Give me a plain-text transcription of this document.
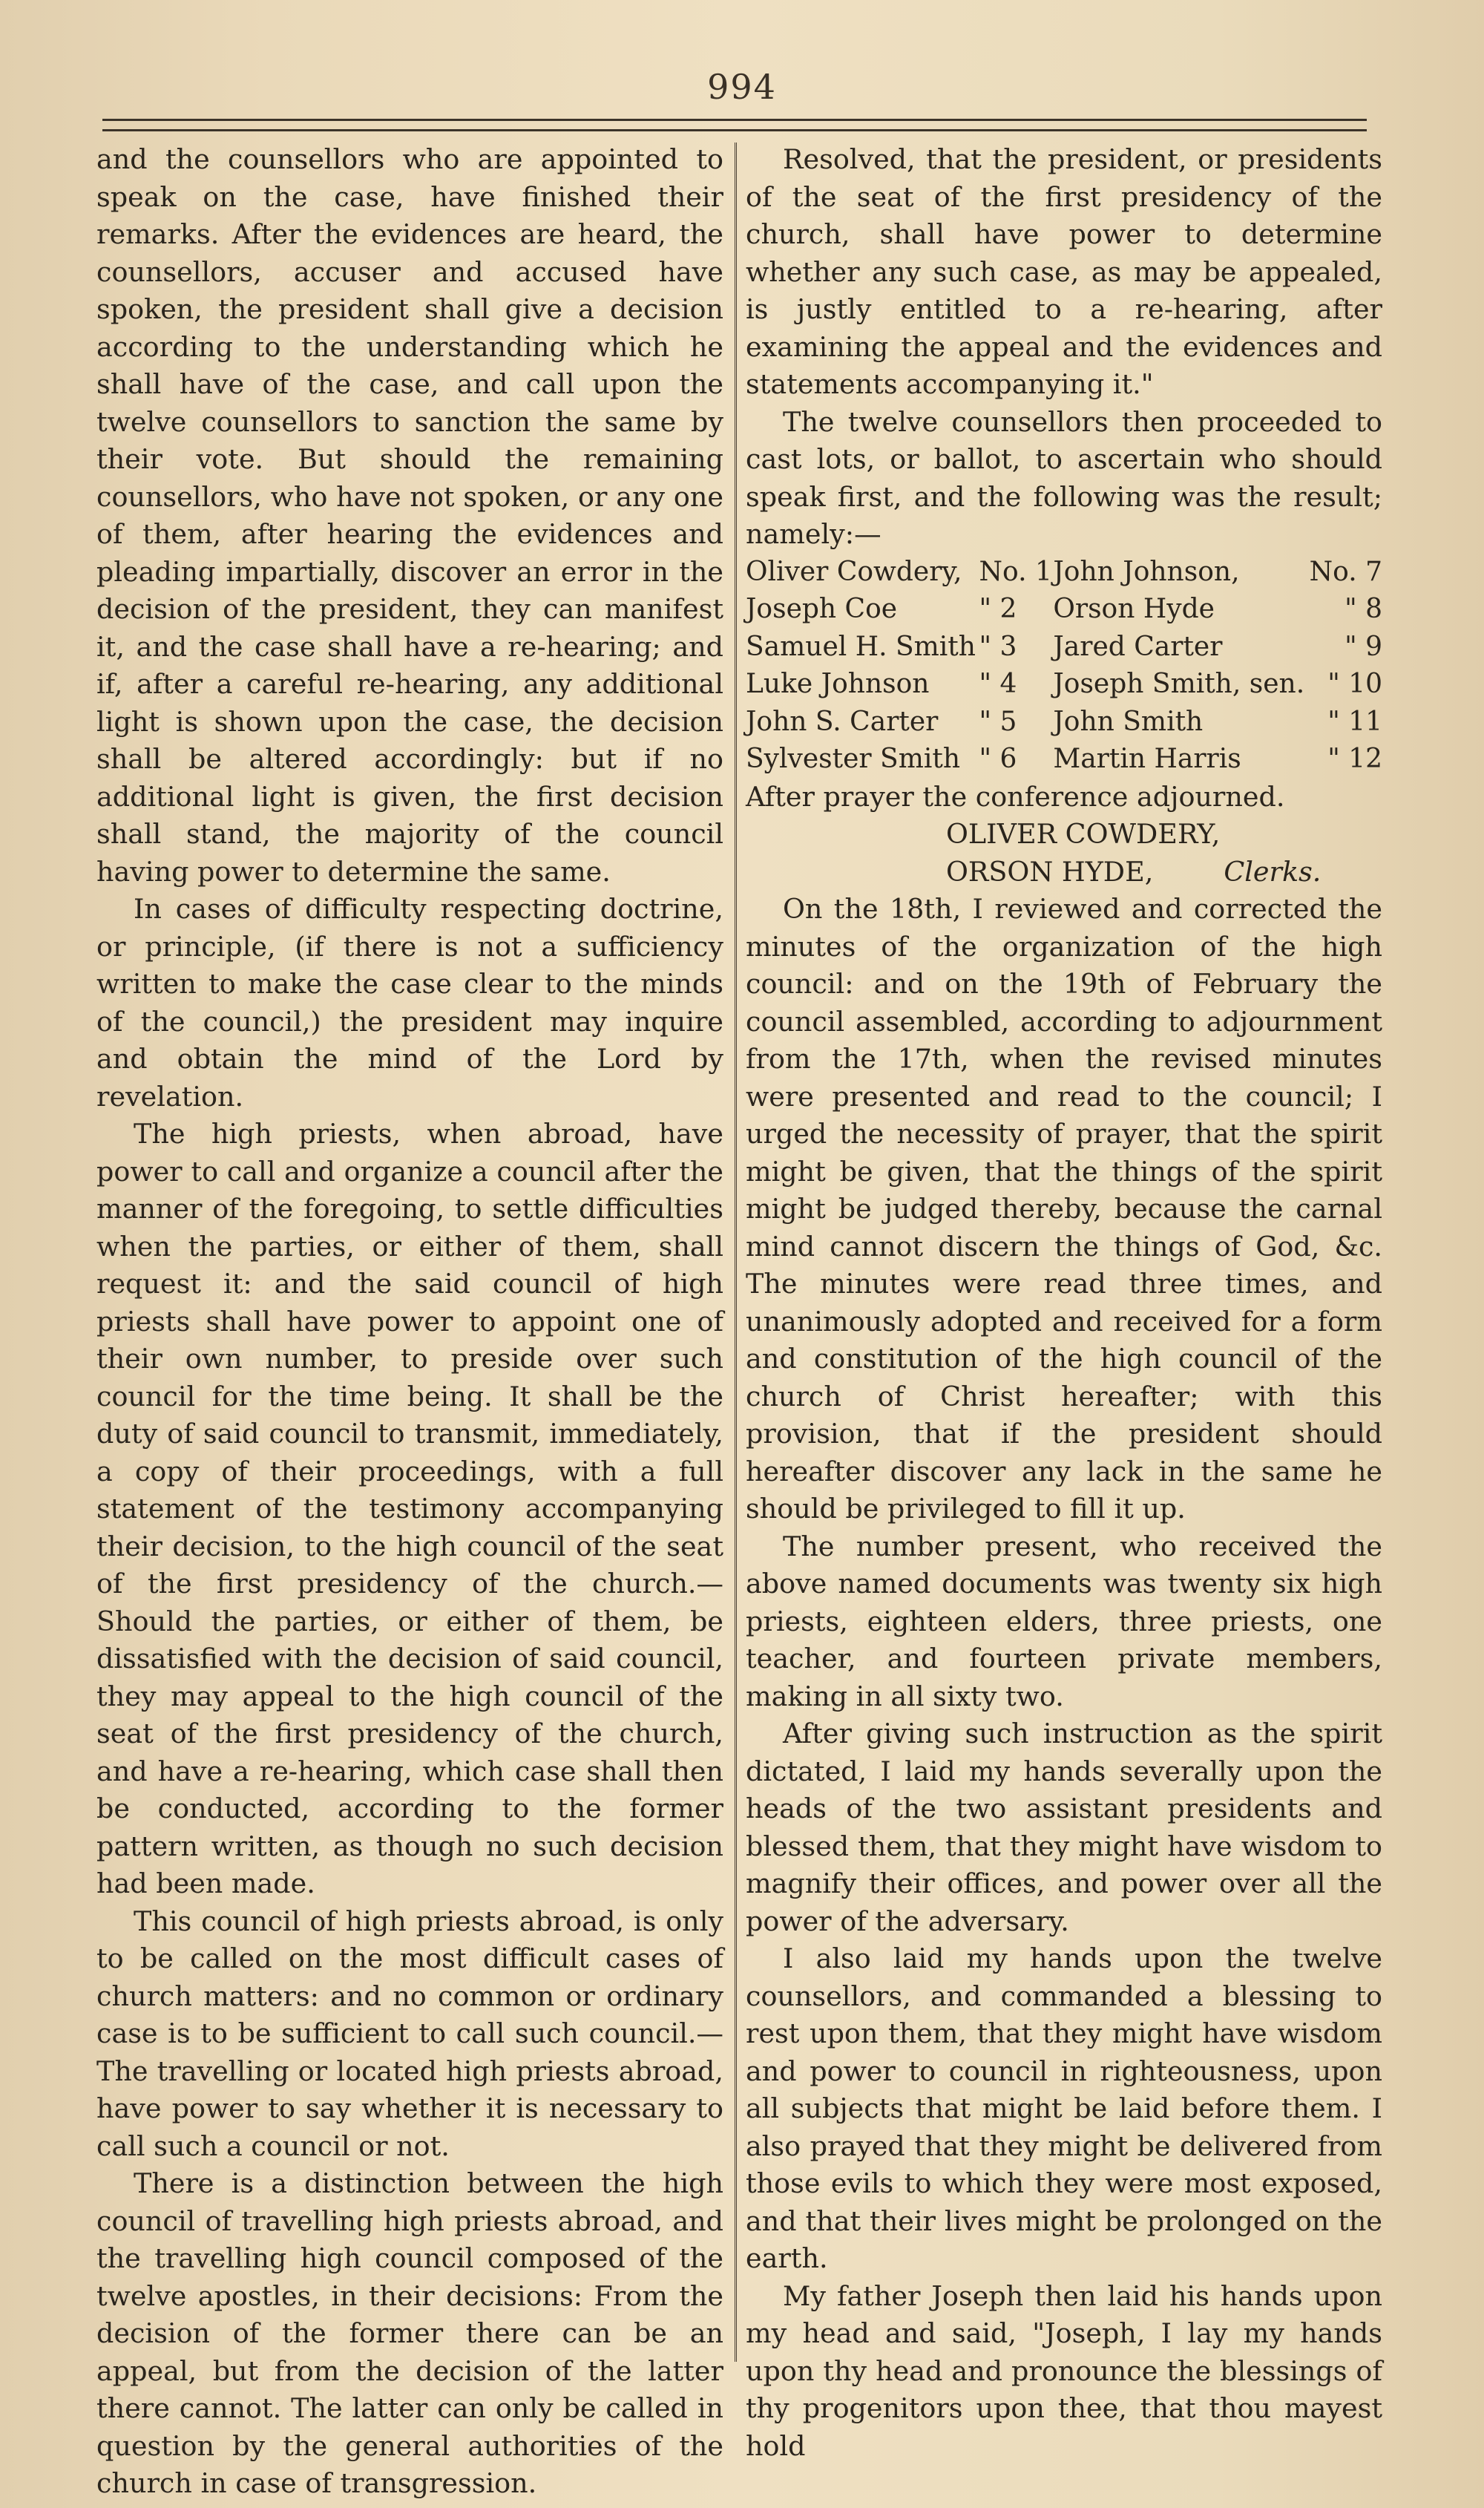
994

and the counsellors who are appointed to speak on the case, have finished their remarks. After the evidences are heard, the counsellors, accuser and accused have spoken, the president shall give a decision according to the understanding which he shall have of the case, and call upon the twelve counsellors to sanction the same by their vote. But should the remaining counsellors, who have not spoken, or any one of them, after hearing the evidences and pleading impartially, discover an error in the decision of the president, they can manifest it, and the case shall have a re-hearing; and if, after a careful re-hearing, any additional light is shown upon the case, the decision shall be altered accordingly: but if no additional light is given, the first decision shall stand, the majority of the council having power to determine the same.

In cases of difficulty respecting doctrine, or principle, (if there is not a sufficiency written to make the case clear to the minds of the council,) the president may inquire and obtain the mind of the Lord by revelation.

The high priests, when abroad, have power to call and organize a council after the manner of the foregoing, to settle difficulties when the parties, or either of them, shall request it: and the said council of high priests shall have power to appoint one of their own number, to preside over such council for the time being. It shall be the duty of said council to transmit, immediately, a copy of their proceedings, with a full statement of the testimony accompanying their decision, to the high council of the seat of the first presidency of the church.— Should the parties, or either of them, be dissatisfied with the decision of said council, they may appeal to the high council of the seat of the first presidency of the church, and have a re-hearing, which case shall then be conducted, according to the former pattern written, as though no such decision had been made.

This council of high priests abroad, is only to be called on the most difficult cases of church matters: and no common or ordinary case is to be sufficient to call such council.— The travelling or located high priests abroad, have power to say whether it is necessary to call such a council or not.

There is a distinction between the high council of travelling high priests abroad, and the travelling high council composed of the twelve apostles, in their decisions: From the decision of the former there can be an appeal, but from the decision of the latter there cannot. The latter can only be called in question by the general authorities of the church in case of transgression.

Resolved, that the president, or presidents of the seat of the first presidency of the church, shall have power to determine whether any such case, as may be appealed, is justly entitled to a re-hearing, after examining the appeal and the evidences and statements accompanying it."

The twelve counsellors then proceeded to cast lots, or ballot, to ascertain who should speak first, and the following was the result; namely:—

Oliver Cowdery,	No. 1	John Johnson,	No. 7
Joseph Coe	" 2	Orson Hyde	" 8
Samuel H. Smith	" 3	Jared Carter	" 9
Luke Johnson	" 4	Joseph Smith, sen.	" 10
John S. Carter	" 5	John Smith	" 11
Sylvester Smith	" 6	Martin Harris	" 12

After prayer the conference adjourned.

OLIVER COWDERY,
ORSON HYDE,	Clerks.

On the 18th, I reviewed and corrected the minutes of the organization of the high council: and on the 19th of February the council assembled, according to adjournment from the 17th, when the revised minutes were presented and read to the council; I urged the necessity of prayer, that the spirit might be given, that the things of the spirit might be judged thereby, because the carnal mind cannot discern the things of God, &c. The minutes were read three times, and unanimously adopted and received for a form and constitution of the high council of the church of Christ hereafter; with this provision, that if the president should hereafter discover any lack in the same he should be privileged to fill it up.

The number present, who received the above named documents was twenty six high priests, eighteen elders, three priests, one teacher, and fourteen private members, making in all sixty two.

After giving such instruction as the spirit dictated, I laid my hands severally upon the heads of the two assistant presidents and blessed them, that they might have wisdom to magnify their offices, and power over all the power of the adversary.

I also laid my hands upon the twelve counsellors, and commanded a blessing to rest upon them, that they might have wisdom and power to council in righteousness, upon all subjects that might be laid before them. I also prayed that they might be delivered from those evils to which they were most exposed, and that their lives might be prolonged on the earth.

My father Joseph then laid his hands upon my head and said, "Joseph, I lay my hands upon thy head and pronounce the blessings of thy progenitors upon thee, that thou mayest hold
